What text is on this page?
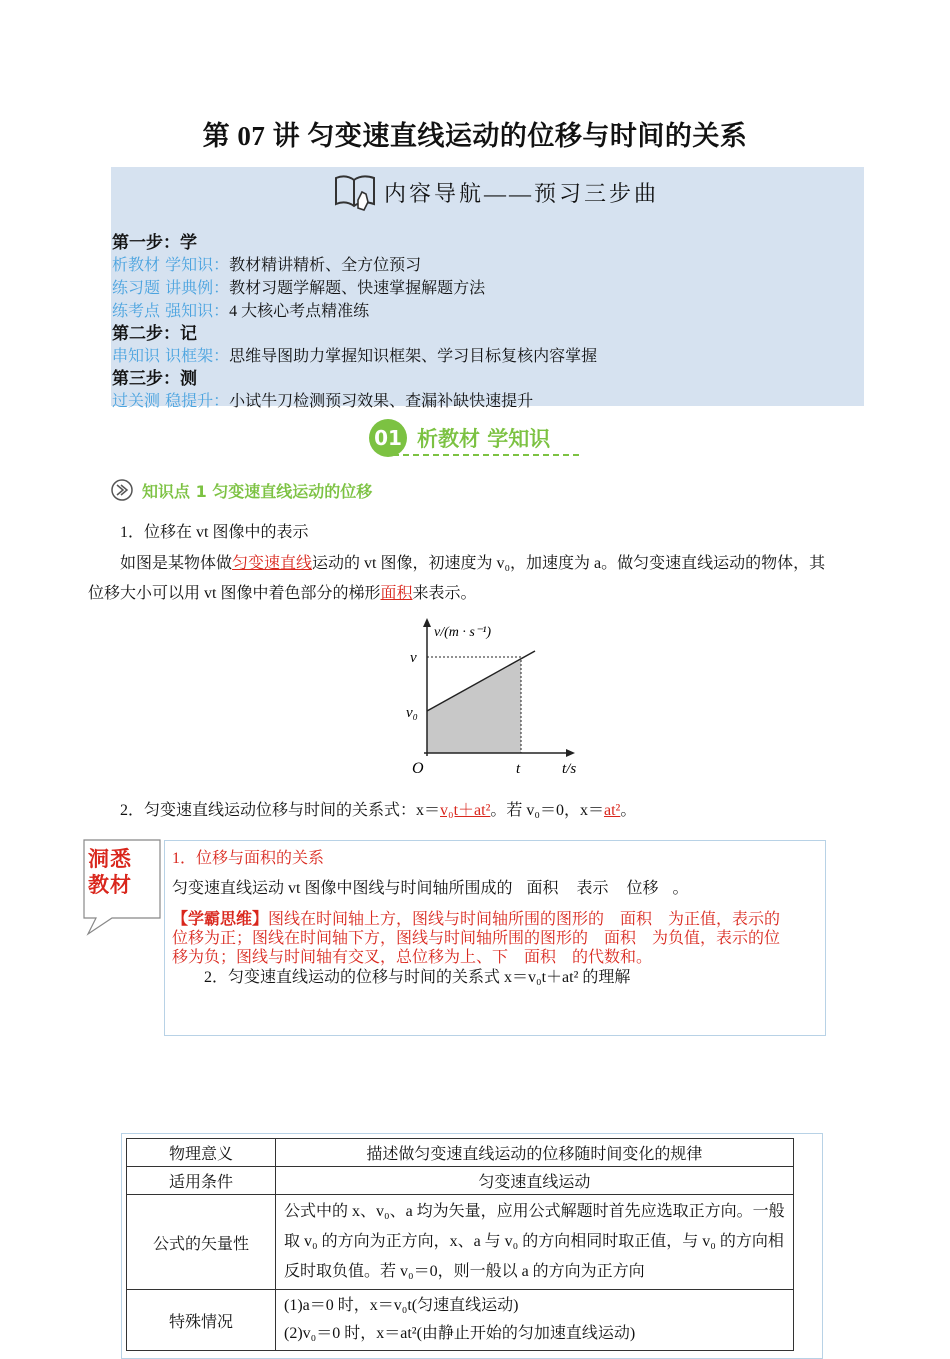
第 07 讲 匀变速直线运动的位移与时间的关系
内容导航——预习三步曲
第一步：学
析教材 学知识：教材精讲精析、全方位预习
练习题 讲典例：教材习题学解题、快速掌握解题方法
练考点 强知识：4 大核心考点精准练
第二步：记
串知识 识框架：思维导图助力掌握知识框架、学习目标复核内容掌握
第三步：测
过关测 稳提升：小试牛刀检测预习效果、查漏补缺快速提升
01 析教材 学知识
知识点 1 匀变速直线运动的位移
1．位移在 vt 图像中的表示
如图是某物体做匀变速直线运动的 vt 图像，初速度为 v₀，加速度为 a。做匀变速直线运动的物体，其
位移大小可以用 vt 图像中着色部分的梯形面积来表示。
v/(m · s⁻¹)
v
v₀
O	t	t/s
2．匀变速直线运动位移与时间的关系式：x＝v₀t＋at²。若 v₀＝0，x＝at²。
洞悉教材
1．位移与面积的关系
匀变速直线运动 vt 图像中图线与时间轴所围成的 面积 表示 位移 。
【学霸思维】图线在时间轴上方，图线与时间轴所围的图形的 面积 为正值，表示的
位移为正；图线在时间轴下方，图线与时间轴所围的图形的 面积 为负值，表示的位
移为负；图线与时间轴有交叉，总位移为上、下 面积 的代数和。
2．匀变速直线运动的位移与时间的关系式 x＝v₀t＋at² 的理解
物理意义	描述做匀变速直线运动的位移随时间变化的规律
适用条件	匀变速直线运动
公式的矢量性	公式中的 x、v₀、a 均为矢量，应用公式解题时首先应选取正方向。一般
取 v₀ 的方向为正方向，x、a 与 v₀ 的方向相同时取正值，与 v₀ 的方向相
反时取负值。若 v₀＝0，则一般以 a 的方向为正方向

特殊情况	(1)a＝0 时，x＝v₀t(匀速直线运动)
(2)v₀＝0 时，x＝at²(由静止开始的匀加速直线运动)
